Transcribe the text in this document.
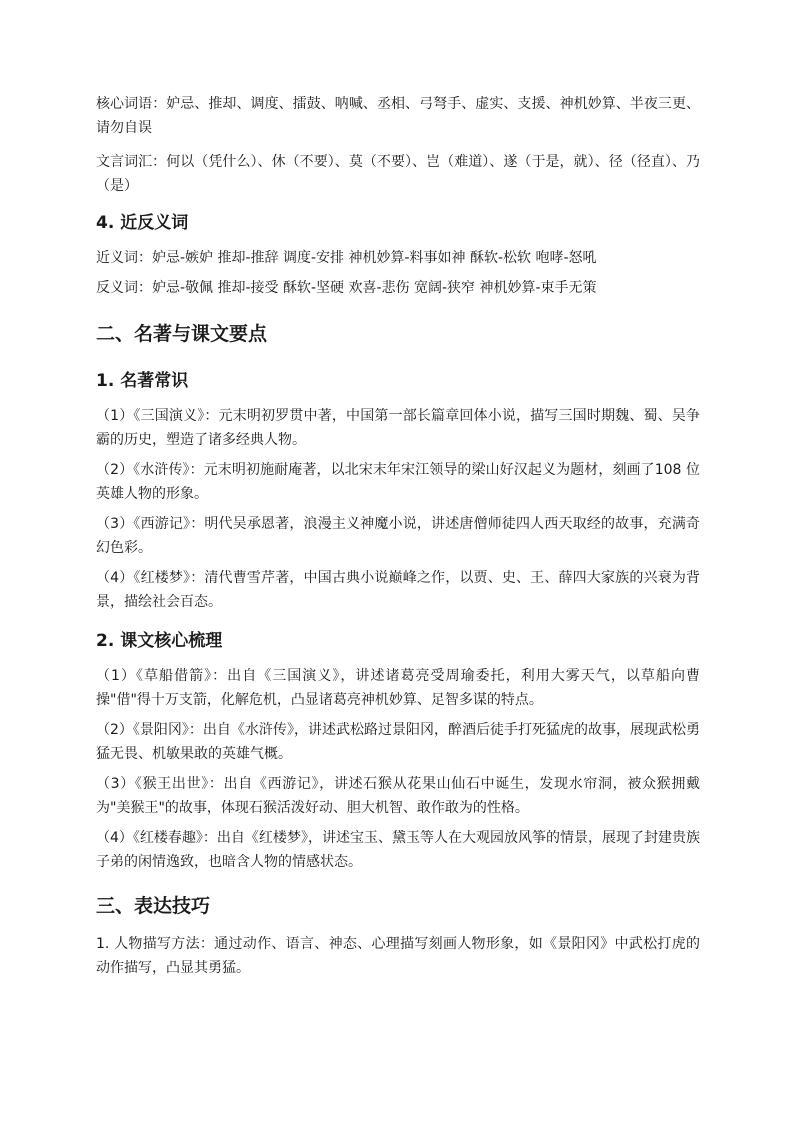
核心词语：妒忌、推却、调度、擂鼓、呐喊、丞相、弓弩手、虚实、支援、神机妙算、半夜三更、请勿自误

文言词汇：何以（凭什么）、休（不要）、莫（不要）、岂（难道）、遂（于是，就）、径（径直）、乃（是）

4. 近反义词

近义词：妒忌-嫉妒 推却-推辞 调度-安排 神机妙算-料事如神 酥软-松软 咆哮-怒吼

反义词：妒忌-敬佩 推却-接受 酥软-坚硬 欢喜-悲伤 宽阔-狭窄 神机妙算-束手无策

二、名著与课文要点
1. 名著常识

（1）《三国演义》：元末明初罗贯中著，中国第一部长篇章回体小说，描写三国时期魏、蜀、吴争霸的历史，塑造了诸多经典人物。

（2）《水浒传》：元末明初施耐庵著，以北宋末年宋江领导的梁山好汉起义为题材，刻画了108 位英雄人物的形象。

（3）《西游记》：明代吴承恩著，浪漫主义神魔小说，讲述唐僧师徒四人西天取经的故事，充满奇幻色彩。

（4）《红楼梦》：清代曹雪芹著，中国古典小说巅峰之作，以贾、史、王、薛四大家族的兴衰为背景，描绘社会百态。

2. 课文核心梳理

（1）《草船借箭》：出自《三国演义》，讲述诸葛亮受周瑜委托，利用大雾天气，以草船向曹操"借"得十万支箭，化解危机，凸显诸葛亮神机妙算、足智多谋的特点。

（2）《景阳冈》：出自《水浒传》，讲述武松路过景阳冈，醉酒后徒手打死猛虎的故事，展现武松勇猛无畏、机敏果敢的英雄气概。

（3）《猴王出世》：出自《西游记》，讲述石猴从花果山仙石中诞生，发现水帘洞，被众猴拥戴为"美猴王"的故事，体现石猴活泼好动、胆大机智、敢作敢为的性格。

（4）《红楼春趣》：出自《红楼梦》，讲述宝玉、黛玉等人在大观园放风筝的情景，展现了封建贵族子弟的闲情逸致，也暗含人物的情感状态。

三、表达技巧

1. 人物描写方法：通过动作、语言、神态、心理描写刻画人物形象，如《景阳冈》中武松打虎的动作描写，凸显其勇猛。
